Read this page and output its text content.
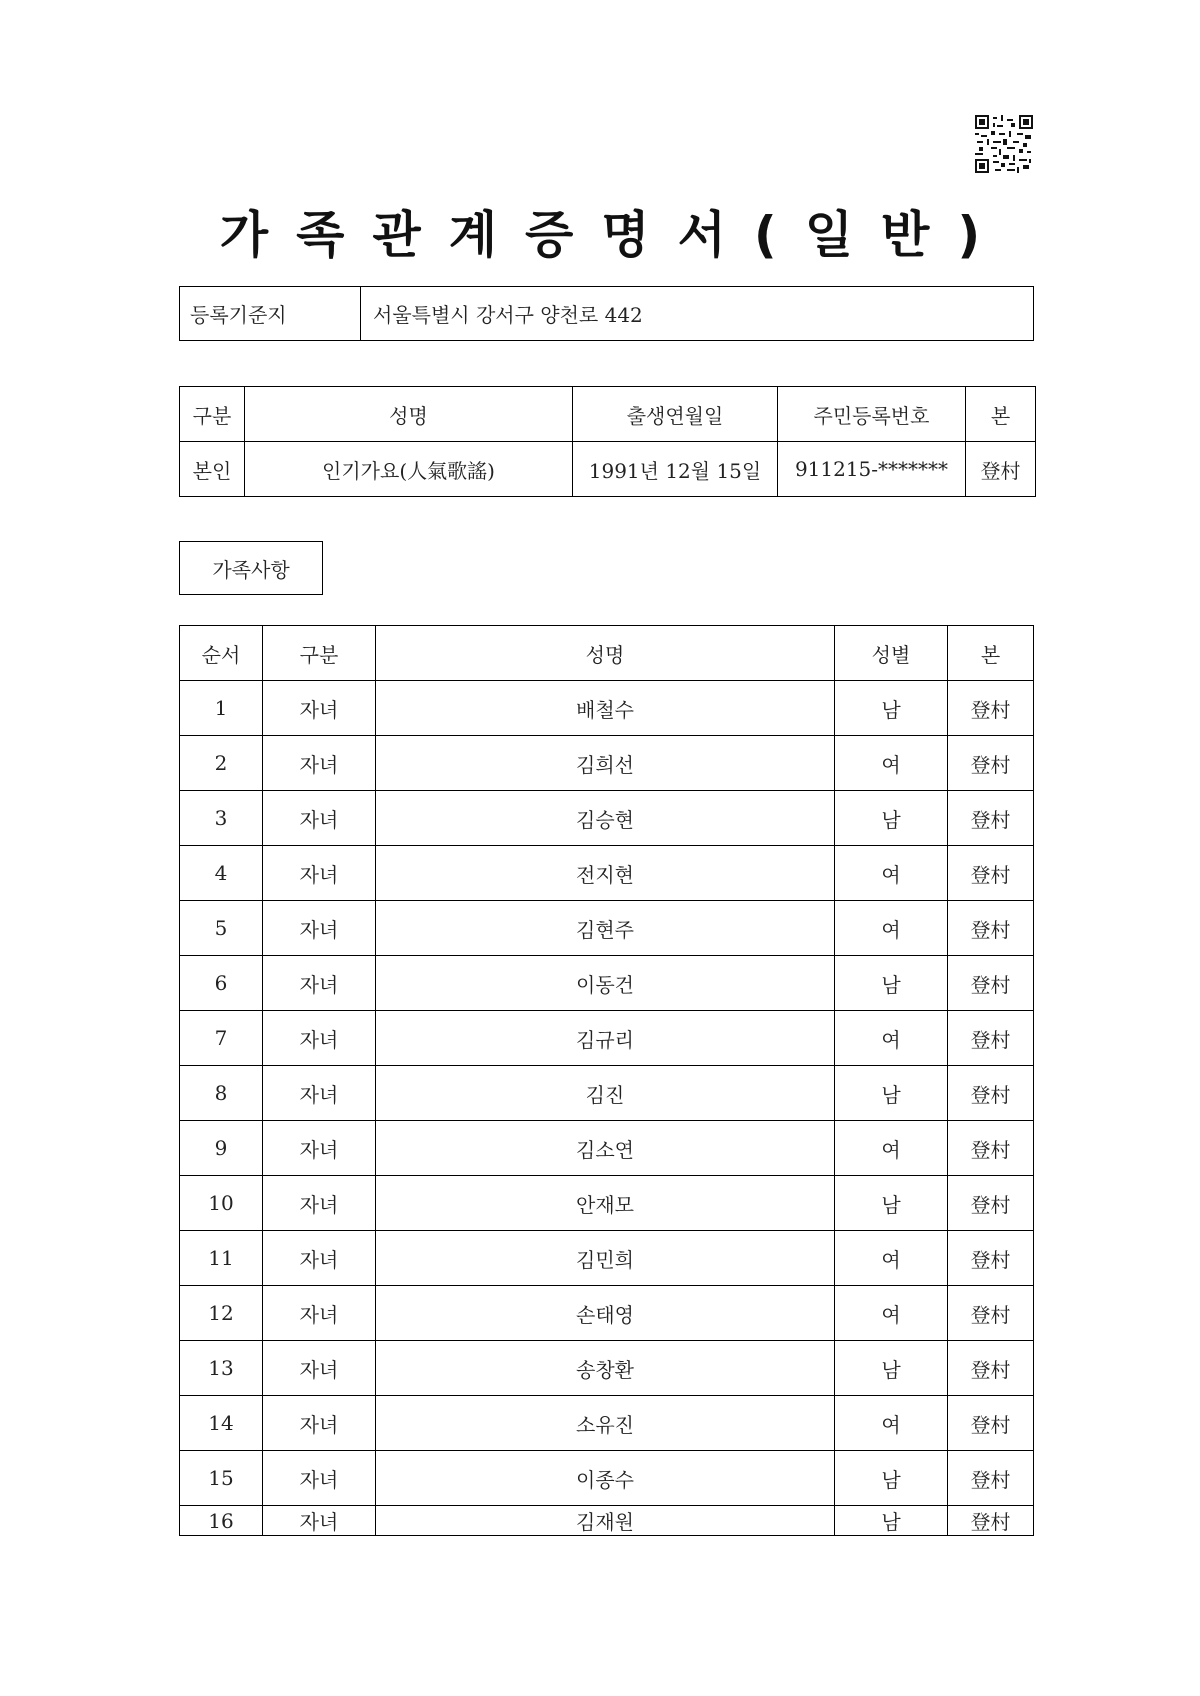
가족관계증명서(일반)
등록기준지	서울특별시 강서구 양천로 442
구분	성명	출생연월일	주민등록번호	본
본인	인기가요(人氣歌謠)	1991년 12월 15일	911215-*******	登村
가족사항
순서	구분	성명	성별	본
1	자녀	배철수	남	登村
2	자녀	김희선	여	登村
3	자녀	김승현	남	登村
4	자녀	전지현	여	登村
5	자녀	김현주	여	登村
6	자녀	이동건	남	登村
7	자녀	김규리	여	登村
8	자녀	김진	남	登村
9	자녀	김소연	여	登村
10	자녀	안재모	남	登村
11	자녀	김민희	여	登村
12	자녀	손태영	여	登村
13	자녀	송창환	남	登村
14	자녀	소유진	여	登村
15	자녀	이종수	남	登村
16	자녀	김재원	남	登村
